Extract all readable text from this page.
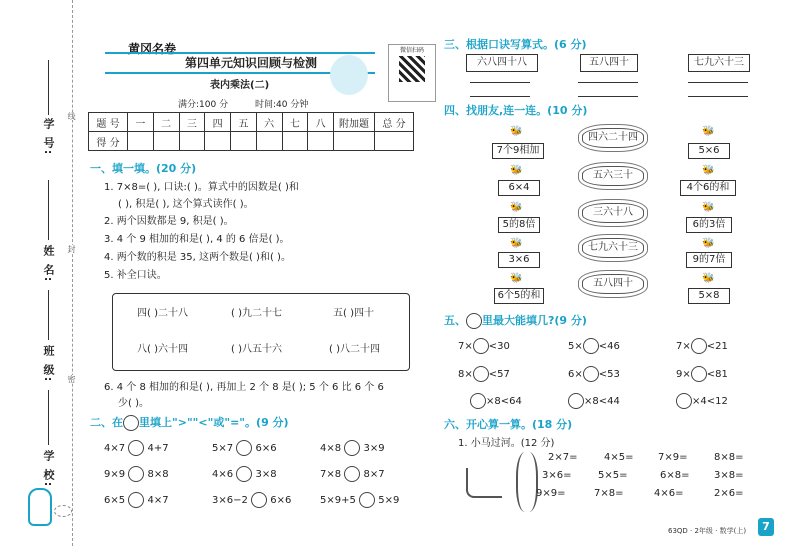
学 号:
姓 名:
班 级:
学 校:
线
封
密
黄冈名卷
第四单元知识回顾与检测
表内乘法(二)
微信扫码
满分:100 分	时间:40 分钟
题 号	一	二	三	四	五	六	七	八	附加题	总 分
得 分										
一、填一填。(20 分)
1. 7×8=( ), 口诀:( )。算式中的因数是( )和
( ), 积是( ), 这个算式读作( )。
2. 两个因数都是 9, 积是( )。
3. 4 个 9 相加的和是( ), 4 的 6 倍是( )。
4. 两个数的积是 35, 这两个数是( )和( )。
5. 补全口诀。
四( )二十八	( )九二十七	五( )四十
八( )六十四	( )八五十六	( )八二十四
6. 4 个 8 相加的和是( ), 再加上 2 个 8 是( ); 5 个 6 比 6 个 6
少( )。
二、在 里填上">""<"或"="。(9 分)
4×7 4+7	5×7 6×6	4×8 3×9
9×9 8×8	4×6 3×8	7×8 8×7
6×5 4×7	3×6−2 6×6	5×9+5 5×9
三、根据口诀写算式。(6 分)
六八四十八	五八四十	七九六十三
四、找朋友,连一连。(10 分)
🐝
7个9相加
🐝
6×4
🐝
5的8倍
🐝
3×6
🐝
6个5的和
四六二十四
五六三十
三六十八
七九六十三
五八四十
🐝
5×6
🐝
4个6的和
🐝
6的3倍
🐝
9的7倍
🐝
5×8
五、 里最大能填几?(9 分)
7× <30	5× <46	7× <21
8× <57	6× <53	9× <81
×8<64	×8<44	×4<12
六、开心算一算。(18 分)
1. 小马过河。(12 分)
2×7=	4×5= 7×9=	8×8=
3×6=	5×5=	6×8= 3×8=
9×9=	7×8=	4×6=	2×6=
63QD · 2年级 · 数学(上)	7
